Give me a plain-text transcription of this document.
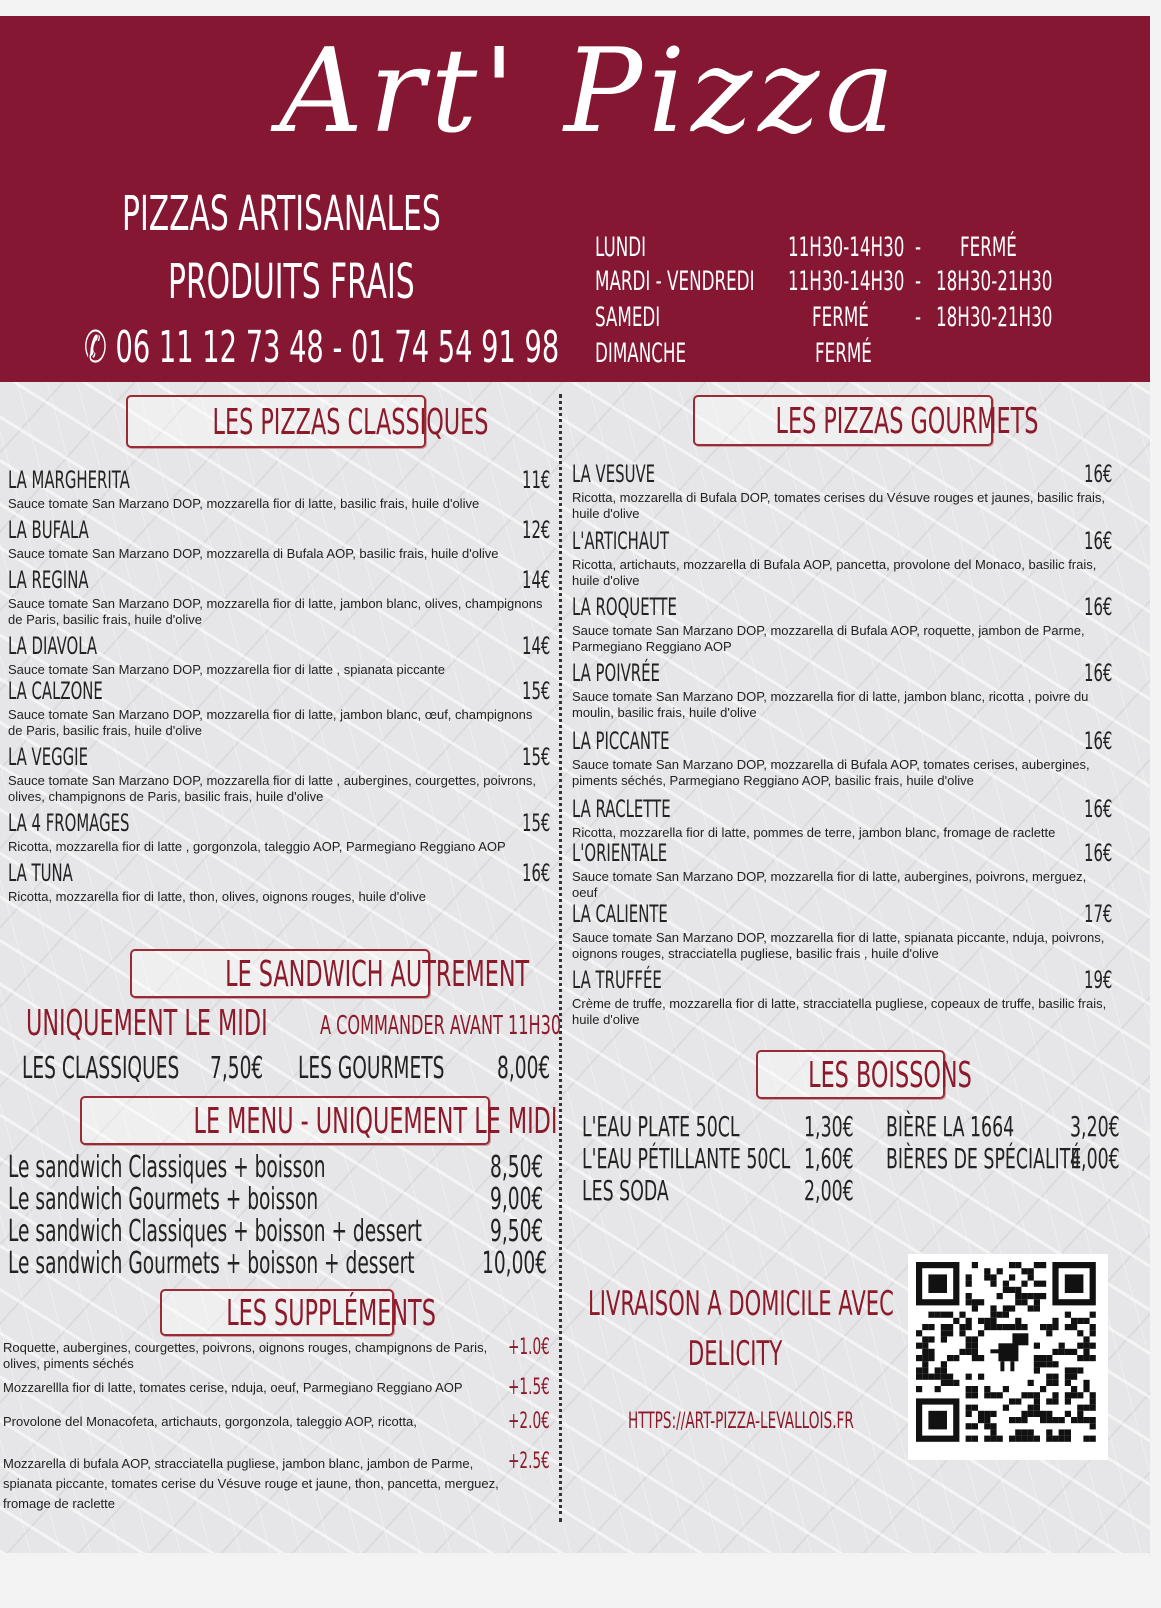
Art' Pizza
PIZZAS ARTISANALES
PRODUITS FRAIS
✆ 06 11 12 73 48 - 01 74 54 91 98
LUNDI	11H30-14H30 - FERMÉ
MARDI - VENDREDI 11H30-14H30 - 18H30-21H30
SAMEDI	FERMÉ - 18H30-21H30
DIMANCHE	FERMÉ
LES PIZZAS CLASSIQUES
LA MARGHERITA	11€
Sauce tomate San Marzano DOP, mozzarella fior di latte, basilic frais, huile d'olive
LA BUFALA	12€
Sauce tomate San Marzano DOP, mozzarella di Bufala AOP, basilic frais, huile d'olive
LA REGINA	14€
Sauce tomate San Marzano DOP, mozzarella fior di latte, jambon blanc, olives, champignons de Paris, basilic frais, huile d'olive
LA DIAVOLA	14€
Sauce tomate San Marzano DOP, mozzarella fior di latte , spianata piccante
LA CALZONE	15€
Sauce tomate San Marzano DOP, mozzarella fior di latte, jambon blanc, œuf, champignons de Paris, basilic frais, huile d'olive
LA VEGGIE	15€
Sauce tomate San Marzano DOP, mozzarella fior di latte , aubergines, courgettes, poivrons, olives, champignons de Paris, basilic frais, huile d'olive
LA 4 FROMAGES	15€
Ricotta, mozzarella fior di latte , gorgonzola, taleggio AOP, Parmegiano Reggiano AOP
LA TUNA	16€
Ricotta, mozzarella fior di latte, thon, olives, oignons rouges, huile d'olive
LE SANDWICH AUTREMENT
UNIQUEMENT LE MIDI	A COMMANDER AVANT 11H30
LES CLASSIQUES	7,50€	LES GOURMETS	8,00€
LE MENU - UNIQUEMENT LE MIDI
Le sandwich Classiques + boisson	8,50€
Le sandwich Gourmets + boisson	9,00€
Le sandwich Classiques + boisson + dessert	9,50€
Le sandwich Gourmets + boisson + dessert	10,00€
LES SUPPLÉMENTS
Roquette, aubergines, courgettes, poivrons, oignons rouges, champignons de Paris, olives, piments séchés
+1.0€
Mozzarellla fior di latte, tomates cerise, nduja, oeuf, Parmegiano Reggiano AOP	+1.5€
Provolone del Monacofeta, artichauts, gorgonzola, taleggio AOP, ricotta,	+2.0€
Mozzarella di bufala AOP, stracciatella pugliese, jambon blanc, jambon de Parme, spianata piccante, tomates cerise du Vésuve rouge et jaune, thon, pancetta, merguez, fromage de raclette
+2.5€
LES PIZZAS GOURMETS
LA VESUVE	16€
Ricotta, mozzarella di Bufala DOP, tomates cerises du Vésuve rouges et jaunes, basilic frais, huile d'olive
L'ARTICHAUT	16€
Ricotta, artichauts, mozzarella di Bufala AOP, pancetta, provolone del Monaco, basilic frais, huile d'olive
LA ROQUETTE	16€
Sauce tomate San Marzano DOP, mozzarella di Bufala AOP, roquette, jambon de Parme, Parmegiano Reggiano AOP
LA POIVRÉE	16€
Sauce tomate San Marzano DOP, mozzarella fior di latte, jambon blanc, ricotta , poivre du moulin, basilic frais, huile d'olive
LA PICCANTE	16€
Sauce tomate San Marzano DOP, mozzarella di Bufala AOP, tomates cerises, aubergines, piments séchés, Parmegiano Reggiano AOP, basilic frais, huile d'olive
LA RACLETTE	16€
Ricotta, mozzarella fior di latte, pommes de terre, jambon blanc, fromage de raclette
L'ORIENTALE	16€
Sauce tomate San Marzano DOP, mozzarella fior di latte, aubergines, poivrons, merguez, oeuf
LA CALIENTE	17€
Sauce tomate San Marzano DOP, mozzarella fior di latte, spianata piccante, nduja, poivrons, oignons rouges, stracciatella pugliese, basilic frais , huile d'olive
LA TRUFFÉE	19€
Crème de truffe, mozzarella fior di latte, stracciatella pugliese, copeaux de truffe, basilic frais, huile d'olive
LES BOISSONS
L'EAU PLATE 50CL	1,30€
L'EAU PÉTILLANTE 50CL 1,60€
LES SODA	2,00€
BIÈRE LA 1664	3,20€
BIÈRES DE SPÉCIALITÉ
4,00€
LIVRAISON A DOMICILE AVEC
DELICITY
HTTPS://ART-PIZZA-LEVALLOIS.FR
